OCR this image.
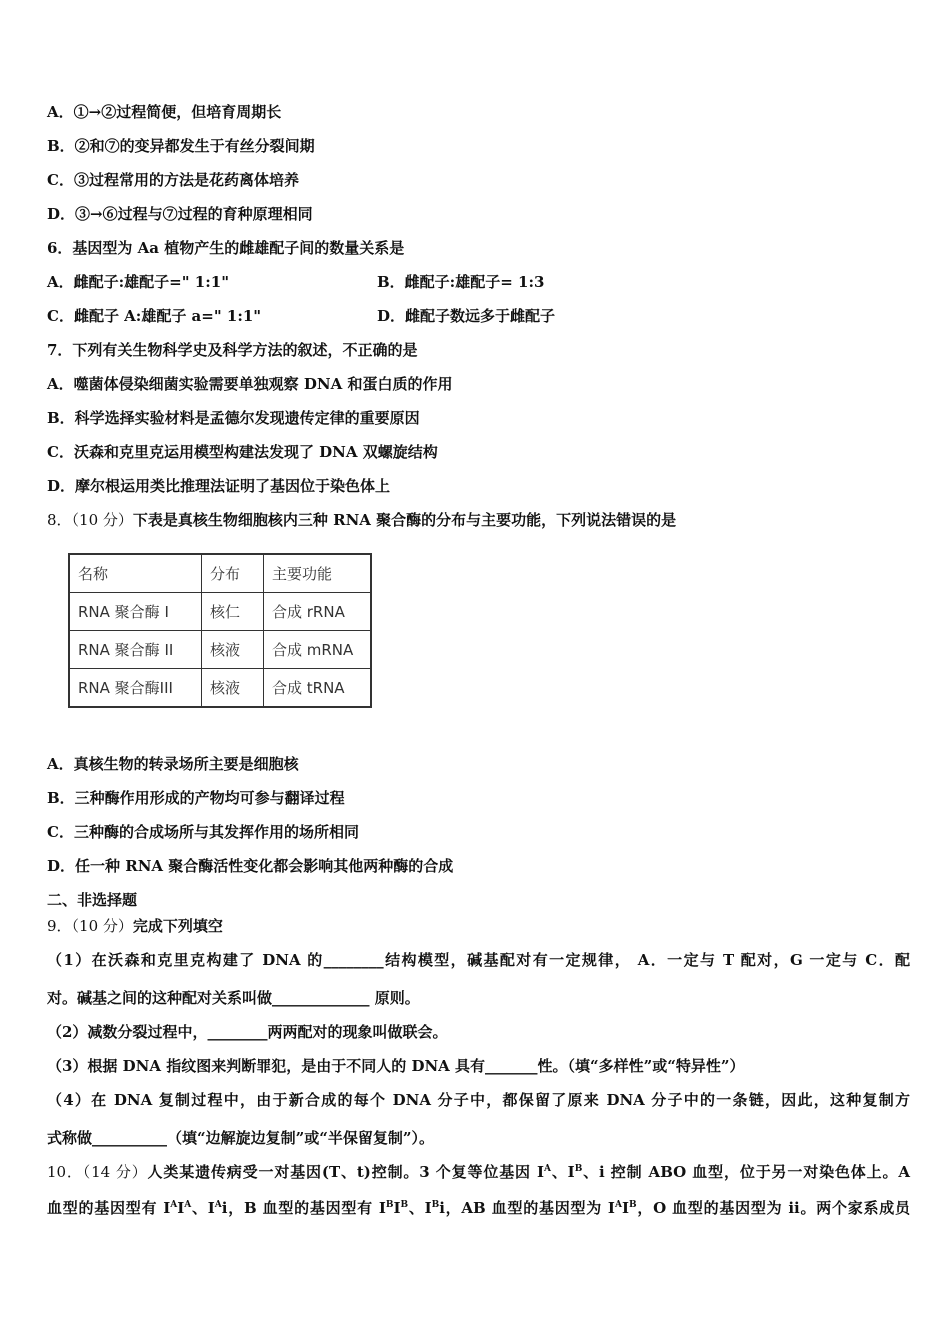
A．①→②过程简便，但培育周期长
B．②和⑦的变异都发生于有丝分裂间期
C．③过程常用的方法是花药离体培养
D．③→⑥过程与⑦过程的育种原理相同
6．基因型为 Aa 植物产生的雌雄配子间的数量关系是
A．雌配子:雄配子=" 1:1"	B．雌配子:雄配子= 1:3
C．雌配子 A:雄配子 a=" 1:1"	D．雌配子数远多于雌配子
7．下列有关生物科学史及科学方法的叙述，不正确的是
A．噬菌体侵染细菌实验需要单独观察 DNA 和蛋白质的作用
B．科学选择实验材料是孟德尔发现遗传定律的重要原因
C．沃森和克里克运用模型构建法发现了 DNA 双螺旋结构
D．摩尔根运用类比推理法证明了基因位于染色体上
8．（10 分）下表是真核生物细胞核内三种 RNA 聚合酶的分布与主要功能，下列说法错误的是
名称	分布	主要功能
RNA 聚合酶 I	核仁	合成 rRNA
RNA 聚合酶 II	核液	合成 mRNA
RNA 聚合酶III	核液	合成 tRNA
A．真核生物的转录场所主要是细胞核
B．三种酶作用形成的产物均可参与翻译过程
C．三种酶的合成场所与其发挥作用的场所相同
D．任一种 RNA 聚合酶活性变化都会影响其他两种酶的合成
二、非选择题
9．（10 分）完成下列填空
（1）在沃森和克里克构建了 DNA 的________结构模型，碱基配对有一定规律， A．一定与 T 配对，G 一定与 C．配
对。碱基之间的这种配对关系叫做_____________ 原则。
（2）减数分裂过程中，________两两配对的现象叫做联会。
（3）根据 DNA 指纹图来判断罪犯，是由于不同人的 DNA 具有_______性。（填“多样性”或“特异性”）
（4）在 DNA 复制过程中，由于新合成的每个 DNA 分子中，都保留了原来 DNA 分子中的一条链，因此，这种复制方
式称做__________（填“边解旋边复制”或“半保留复制”）。
10．（14 分）人类某遗传病受一对基因(T、t)控制。3 个复等位基因 $I^A$、$I^B$、i 控制 ABO 血型，位于另一对染色体上。A
血型的基因型有 $I^AI^A$、$I^Ai$，B 血型的基因型有 $I^BI^B$、$I^Bi$，AB 血型的基因型为 $I^AI^B$，O 血型的基因型为 ii。两个家系成员
